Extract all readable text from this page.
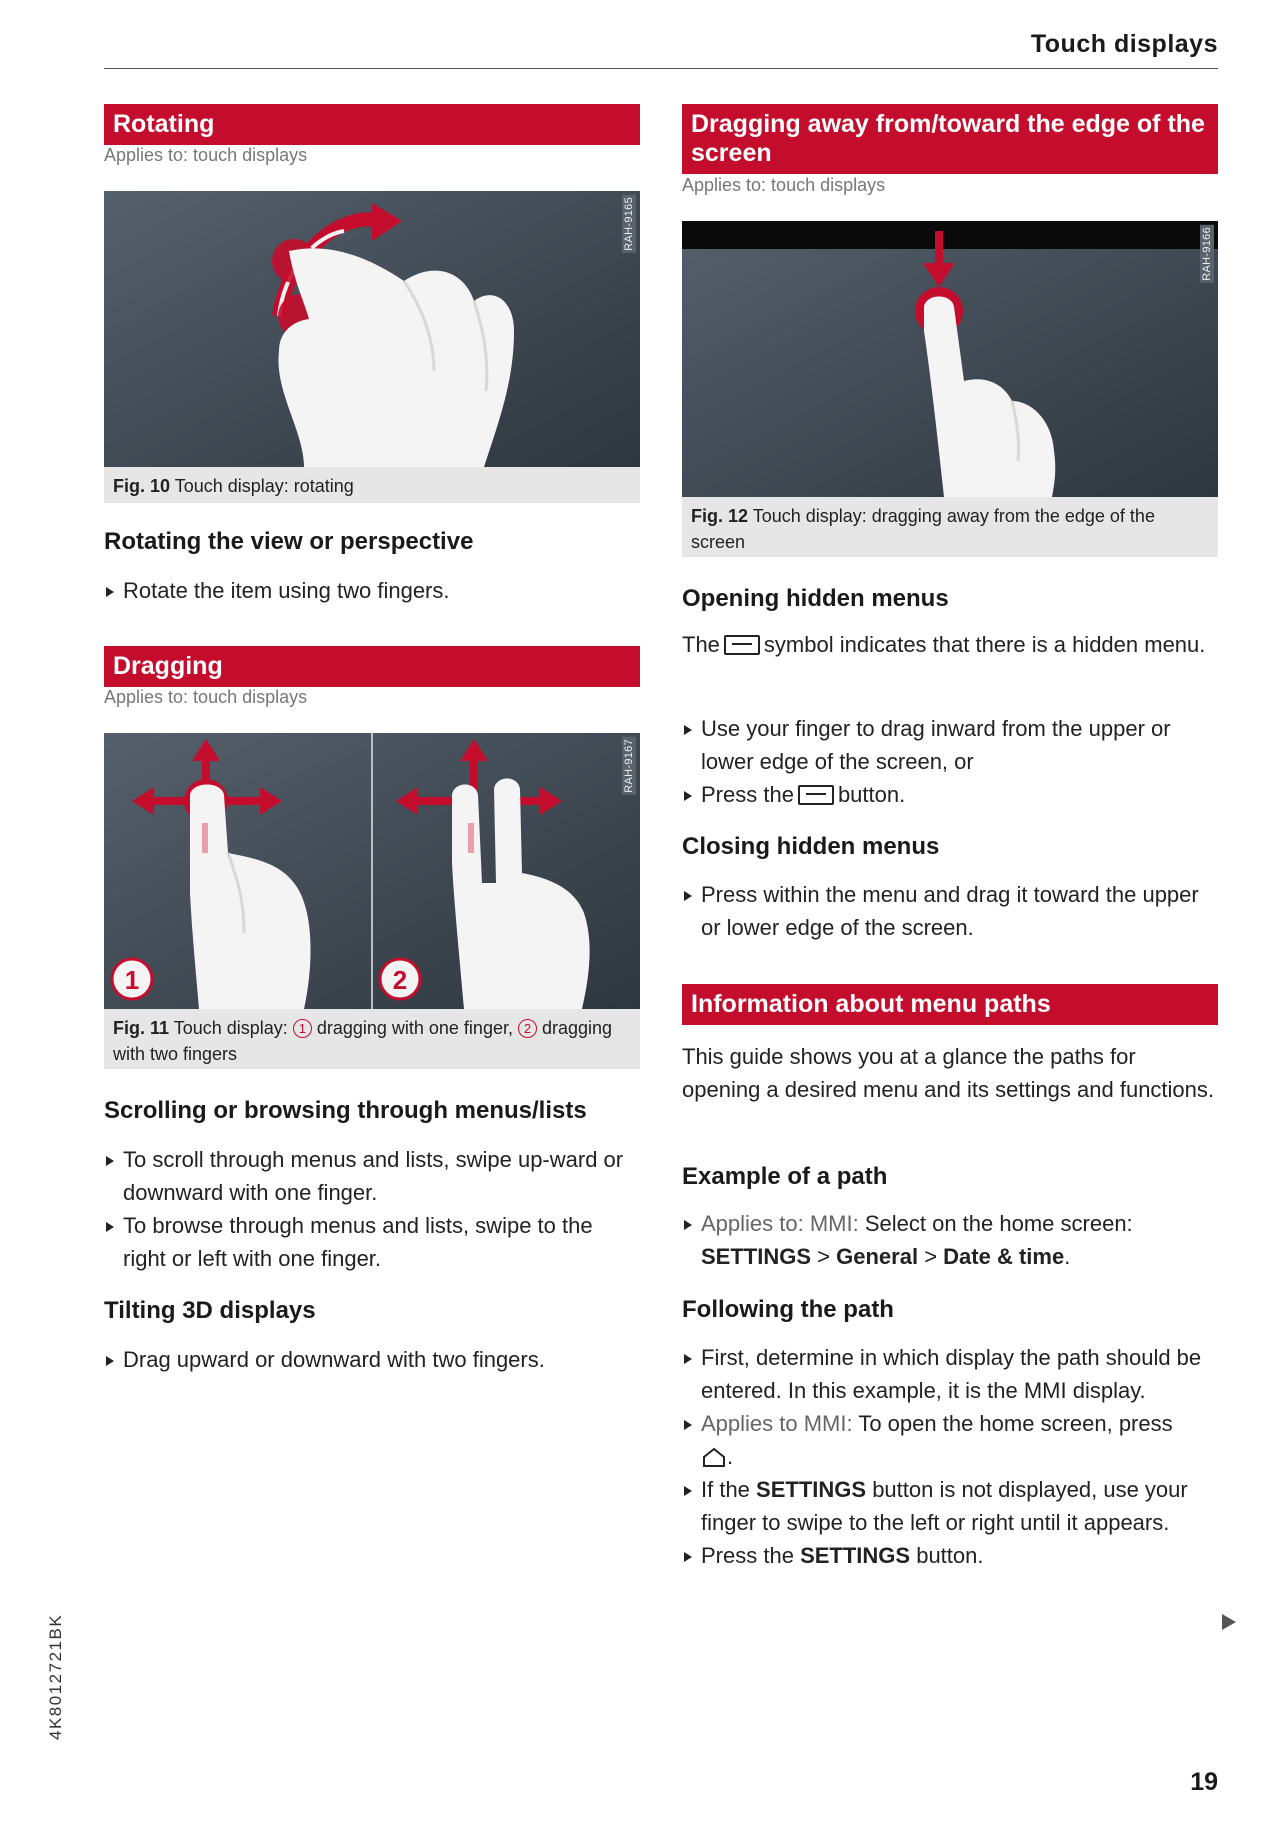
Touch displays
Rotating
Applies to: touch displays
RAH-9165
Fig. 10 Touch display: rotating
Rotating the view or perspective
Rotate the item using two fingers.
Dragging
Applies to: touch displays
1	2
RAH-9167
Fig. 11 Touch display: 1 dragging with one finger, 2 dragging with two fingers
Scrolling or browsing through menus/lists
To scroll through menus and lists, swipe up-ward or downward with one finger.
To browse through menus and lists, swipe to the right or left with one finger.
Tilting 3D displays
Drag upward or downward with two fingers.
Dragging away from/toward the edge of the screen
Applies to: touch displays
RAH-9166
Fig. 12 Touch display: dragging away from the edge of the screen
Opening hidden menus
The symbol indicates that there is a hidden menu.
Use your finger to drag inward from the upper or lower edge of the screen, or
Press the button.
Closing hidden menus
Press within the menu and drag it toward the upper or lower edge of the screen.
Information about menu paths
This guide shows you at a glance the paths for opening a desired menu and its settings and functions.
Example of a path
Applies to: MMI: Select on the home screen:
SETTINGS > General > Date & time.
Following the path
First, determine in which display the path should be entered. In this example, it is the MMI display.
Applies to MMI: To open the home screen, press
.
If the SETTINGS button is not displayed, use your finger to swipe to the left or right until it appears.
Press the SETTINGS button.
4K8012721BK
19
